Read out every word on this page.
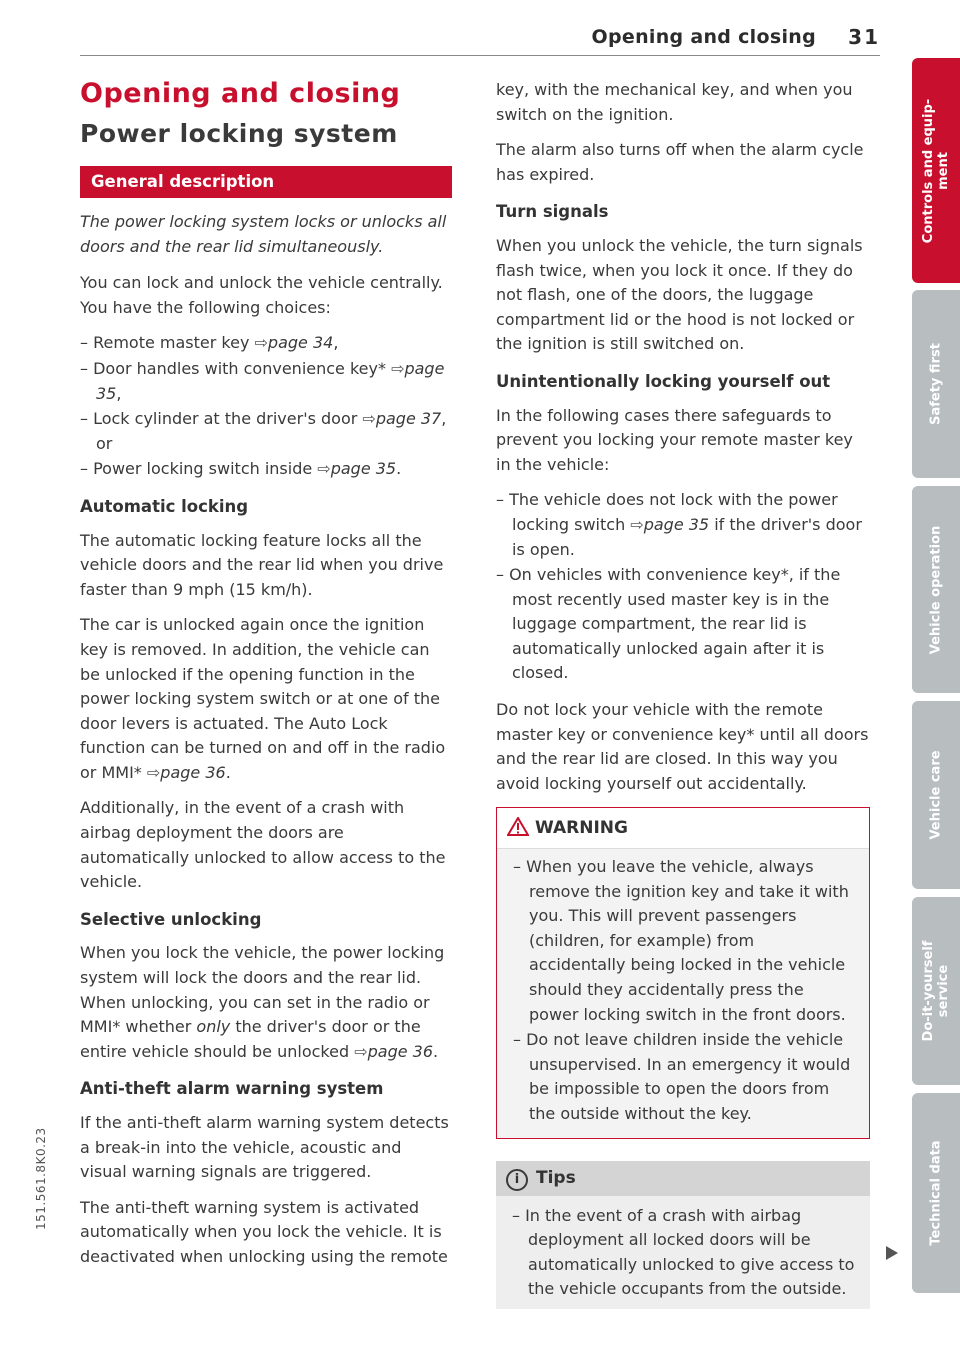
Opening and closing 31
Opening and closing
Power locking system
General description

The power locking system locks or unlocks all doors and the rear lid simultaneously.

You can lock and unlock the vehicle centrally. You have the following choices:

– Remote master key ⇨page 34,
– Door handles with convenience key* ⇨page 35,
– Lock cylinder at the driver's door ⇨page 37, or
– Power locking switch inside ⇨page 35.
Automatic locking

The automatic locking feature locks all the vehicle doors and the rear lid when you drive faster than 9 mph (15 km/h).

The car is unlocked again once the ignition key is removed. In addition, the vehicle can be unlocked if the opening function in the power locking system switch or at one of the door levers is actuated. The Auto Lock function can be turned on and off in the radio or MMI* ⇨page 36.

Additionally, in the event of a crash with airbag deployment the doors are automatically unlocked to allow access to the vehicle.

Selective unlocking

When you lock the vehicle, the power locking system will lock the doors and the rear lid. When unlocking, you can set in the radio or MMI* whether only the driver's door or the entire vehicle should be unlocked ⇨page 36.

Anti-theft alarm warning system

If the anti-theft alarm warning system detects a break-in into the vehicle, acoustic and visual warning signals are triggered.

The anti-theft warning system is activated automatically when you lock the vehicle. It is deactivated when unlocking using the remote

key, with the mechanical key, and when you switch on the ignition.

The alarm also turns off when the alarm cycle has expired.

Turn signals

When you unlock the vehicle, the turn signals flash twice, when you lock it once. If they do not flash, one of the doors, the luggage compartment lid or the hood is not locked or the ignition is still switched on.

Unintentionally locking yourself out

In the following cases there safeguards to prevent you locking your remote master key in the vehicle:

– The vehicle does not lock with the power locking switch ⇨page 35 if the driver's door is open.
– On vehicles with convenience key*, if the most recently used master key is in the luggage compartment, the rear lid is automatically unlocked again after it is closed.

Do not lock your vehicle with the remote master key or convenience key* until all doors and the rear lid are closed. In this way you avoid locking yourself out accidentally.

WARNING
– When you leave the vehicle, always remove the ignition key and take it with you. This will prevent passengers (children, for example) from accidentally being locked in the vehicle should they accidentally press the power locking switch in the front doors.
– Do not leave children inside the vehicle unsupervised. In an emergency it would be impossible to open the doors from the outside without the key.
i Tips
– In the event of a crash with airbag deployment all locked doors will be automatically unlocked to give access to the vehicle occupants from the outside.
Controls and equip-
ment
Safety first
Vehicle operation
Vehicle care
Do-it-yourself
service
Technical data
151.561.8K0.23
